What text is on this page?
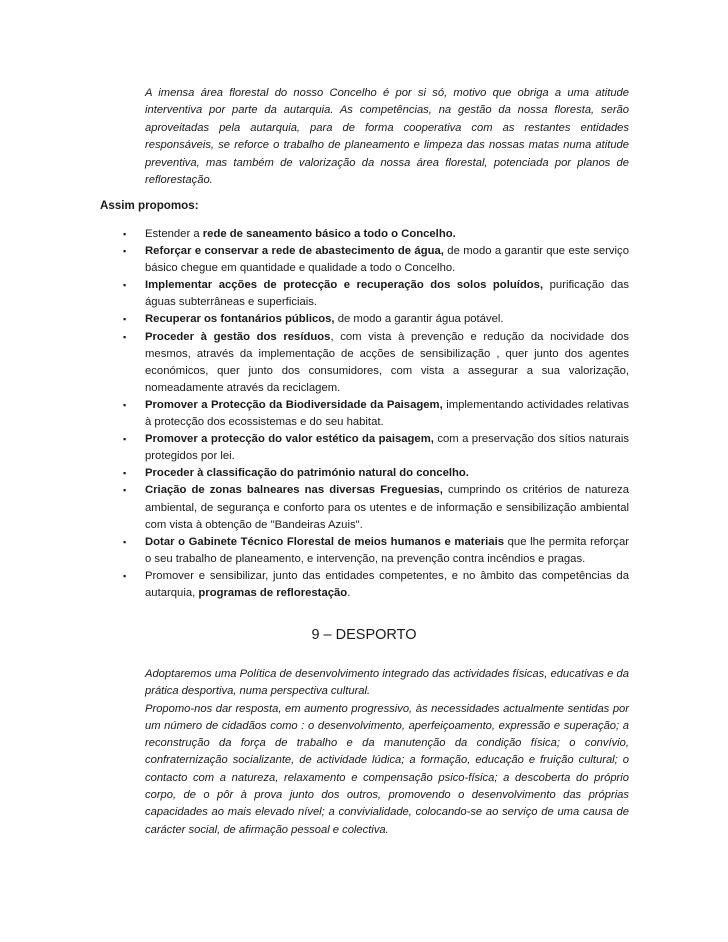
A imensa área florestal do nosso Concelho é por si só, motivo que obriga a uma atitude interventiva por parte da autarquia. As competências, na gestão da nossa floresta, serão aproveitadas pela autarquia, para de forma cooperativa com as restantes entidades responsáveis, se reforce o trabalho de planeamento e limpeza das nossas matas numa atitude preventiva, mas também de valorização da nossa área florestal, potenciada por planos de reflorestação.

Assim propomos:

▪ Estender a rede de saneamento básico a todo o Concelho.
▪ Reforçar e conservar a rede de abastecimento de água, de modo a garantir que este serviço básico chegue em quantidade e qualidade a todo o Concelho.
▪ Implementar acções de protecção e recuperação dos solos poluídos, purificação das águas subterrâneas e superficiais.
▪ Recuperar os fontanários públicos, de modo a garantir água potável.
▪ Proceder à gestão dos resíduos, com vista à prevenção e redução da nocividade dos mesmos, através da implementação de acções de sensibilização , quer junto dos agentes económicos, quer junto dos consumidores, com vista a assegurar a sua valorização, nomeadamente através da reciclagem.
▪ Promover a Protecção da Biodiversidade da Paisagem, implementando actividades relativas à protecção dos ecossistemas e do seu habitat.
▪ Promover a protecção do valor estético da paisagem, com a preservação dos sítios naturais protegidos por lei.
▪ Proceder à classificação do património natural do concelho.
▪ Criação de zonas balneares nas diversas Freguesias, cumprindo os critérios de natureza ambiental, de segurança e conforto para os utentes e de informação e sensibilização ambiental com vista à obtenção de "Bandeiras Azuis".
▪ Dotar o Gabinete Técnico Florestal de meios humanos e materiais que lhe permita reforçar o seu trabalho de planeamento, e intervenção, na prevenção contra incêndios e pragas.
▪ Promover e sensibilizar, junto das entidades competentes, e no âmbito das competências da autarquia, programas de reflorestação.
9 – DESPORTO

Adoptaremos uma Política de desenvolvimento integrado das actividades físicas, educativas e da prática desportiva, numa perspectiva cultural.

Propomo-nos dar resposta, em aumento progressivo, às necessidades actualmente sentidas por um número de cidadãos como : o desenvolvimento, aperfeiçoamento, expressão e superação; a reconstrução da força de trabalho e da manutenção da condição física; o convívio, confraternização socializante, de actividade lúdica; a formação, educação e fruição cultural; o contacto com a natureza, relaxamento e compensação psico-física; a descoberta do próprio corpo, de o pôr à prova junto dos outros, promovendo o desenvolvimento das próprias capacidades ao mais elevado nível; a convivialidade, colocando-se ao serviço de uma causa de carácter social, de afirmação pessoal e colectiva.
